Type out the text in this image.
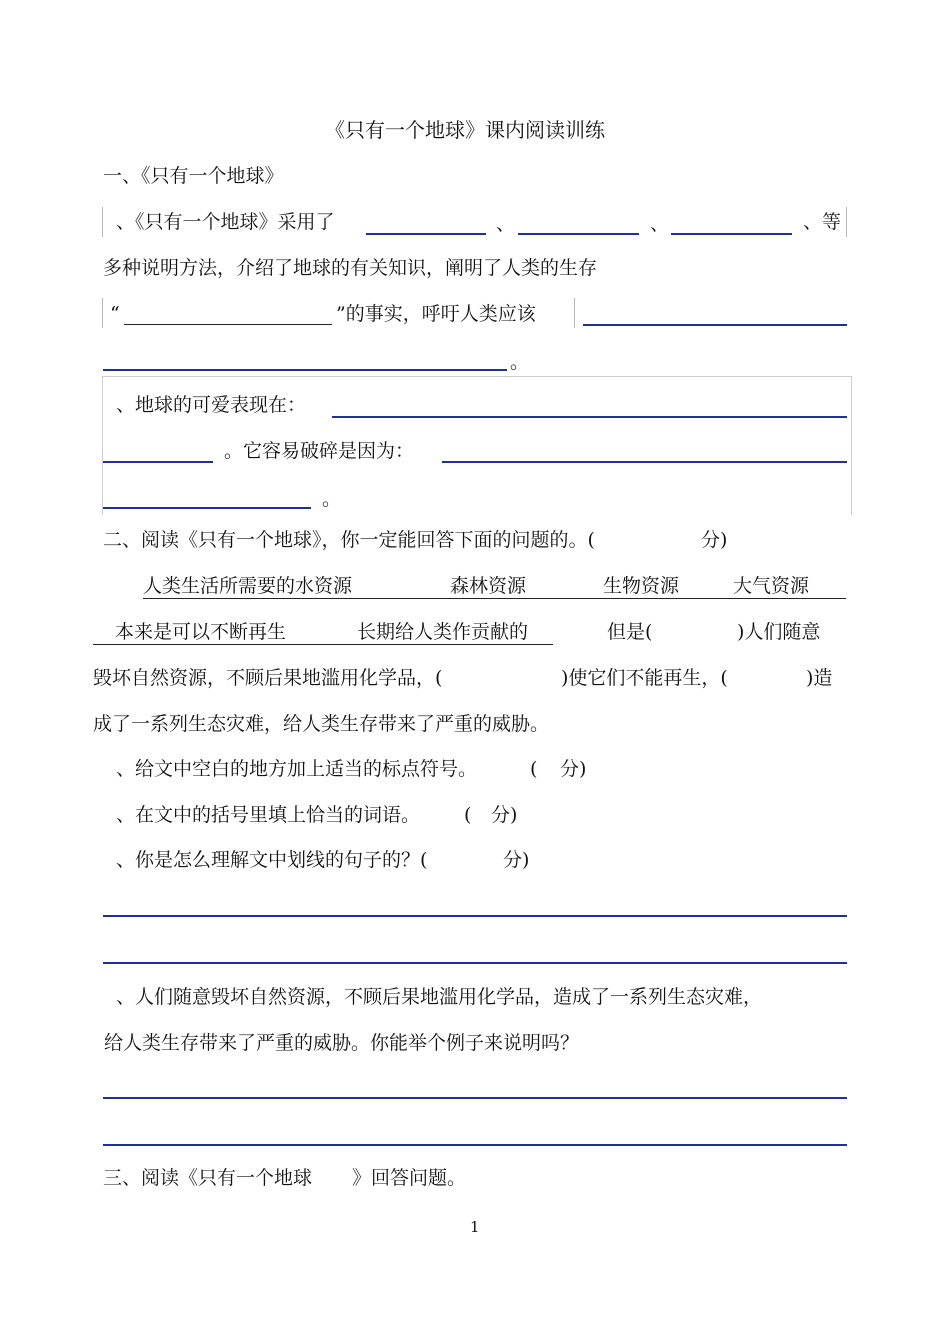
《只有一个地球》课内阅读训练
一、《只有一个地球》
、《只有一个地球》采用了	、	、	、等
多种说明方法，介绍了地球的有关知识，阐明了人类的生存
“	”的事实，呼吁人类应该
。
、地球的可爱表现在：
。它容易破碎是因为：
。
二、阅读《只有一个地球》，你一定能回答下面的问题的。(	分)
人类生活所需要的水资源	森林资源	生物资源	大气资源
本来是可以不断再生	长期给人类作贡献的	但是(	)人们随意
毁坏自然资源，不顾后果地滥用化学品，(	)使它们不能再生，(	)造
成了一系列生态灾难，给人类生存带来了严重的威胁。
、给文中空白的地方加上适当的标点符号。	( 分)
、在文中的括号里填上恰当的词语。 ( 分)
、你是怎么理解文中划线的句子的？(	分)
、人们随意毁坏自然资源，不顾后果地滥用化学品，造成了一系列生态灾难，
给人类生存带来了严重的威胁。你能举个例子来说明吗？
三、阅读《只有一个地球 》回答问题。
1
